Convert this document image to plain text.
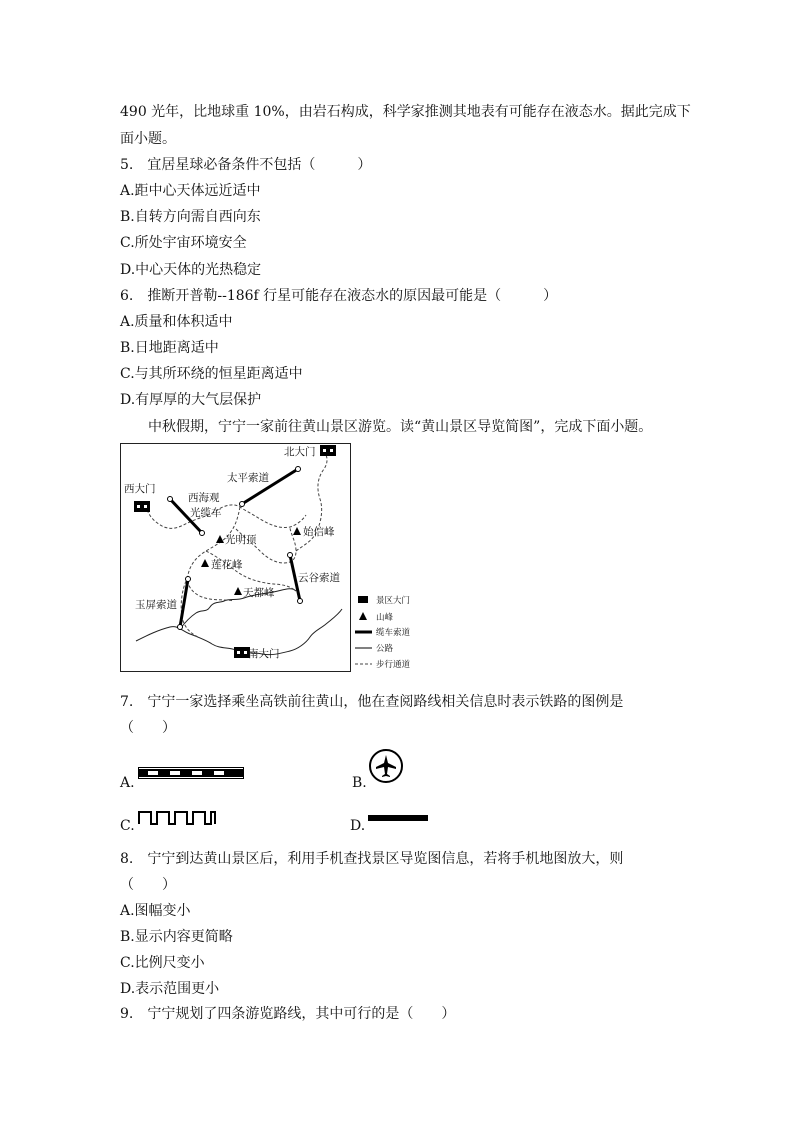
490 光年，比地球重 10%，由岩石构成，科学家推测其地表有可能存在液态水。据此完成下
面小题。
5.　宜居星球必备条件不包括（　　　）
A.距中心天体远近适中
B.自转方向需自西向东
C.所处宇宙环境安全
D.中心天体的光热稳定
6.　推断开普勒--186f 行星可能存在液态水的原因最可能是（　　　）
A.质量和体积适中
B.日地距离适中
C.与其所环绕的恒星距离适中
D.有厚厚的大气层保护
中秋假期，宁宁一家前往黄山景区游览。读“黄山景区导览简图”，完成下面小题。
北大门
西大门
南大门
太平索道
西海观
光缆车
光明顶
始信峰
莲花峰
云谷索道
天都峰
玉屏索道	景区大门
山峰
缆车索道
公路
步行通道
7.　宁宁一家选择乘坐高铁前往黄山，他在查阅路线相关信息时表示铁路的图例是
（　　）
A.	B.
C.	D.
8.　宁宁到达黄山景区后，利用手机查找景区导览图信息，若将手机地图放大，则
（　　）
A.图幅变小
B.显示内容更简略
C.比例尺变小
D.表示范围更小
9.　宁宁规划了四条游览路线，其中可行的是（　　）
